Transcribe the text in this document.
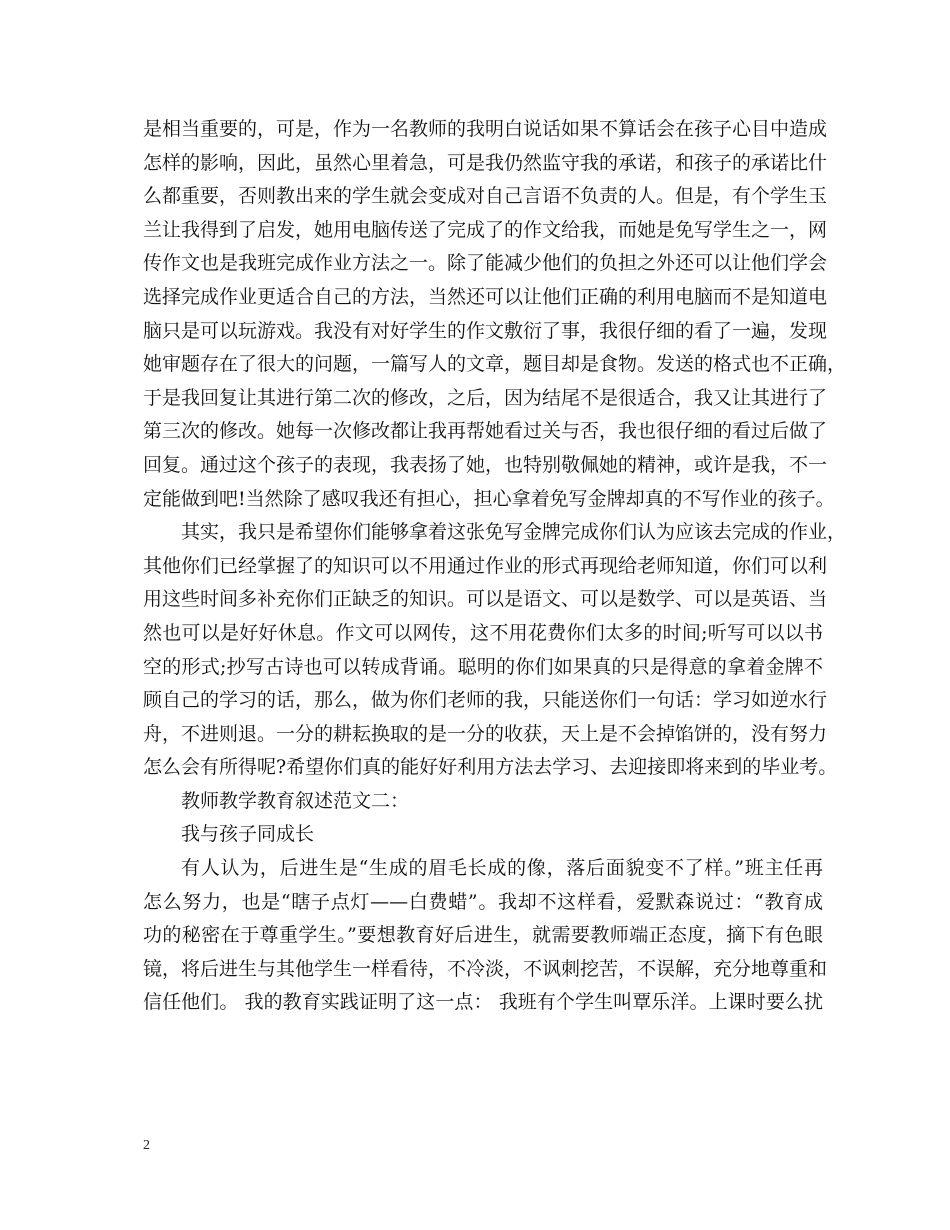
是相当重要的，可是，作为一名教师的我明白说话如果不算话会在孩子心目中造成
怎样的影响，因此，虽然心里着急，可是我仍然监守我的承诺，和孩子的承诺比什
么都重要，否则教出来的学生就会变成对自己言语不负责的人。但是，有个学生玉
兰让我得到了启发，她用电脑传送了完成了的作文给我，而她是免写学生之一，网
传作文也是我班完成作业方法之一。除了能减少他们的负担之外还可以让他们学会
选择完成作业更适合自己的方法，当然还可以让他们正确的利用电脑而不是知道电
脑只是可以玩游戏。我没有对好学生的作文敷衍了事，我很仔细的看了一遍，发现
她审题存在了很大的问题，一篇写人的文章，题目却是食物。发送的格式也不正确，
于是我回复让其进行第二次的修改，之后，因为结尾不是很适合，我又让其进行了
第三次的修改。她每一次修改都让我再帮她看过关与否，我也很仔细的看过后做了
回复。通过这个孩子的表现，我表扬了她，也特别敬佩她的精神，或许是我，不一
定能做到吧!当然除了感叹我还有担心，担心拿着免写金牌却真的不写作业的孩子。
其实，我只是希望你们能够拿着这张免写金牌完成你们认为应该去完成的作业，
其他你们已经掌握了的知识可以不用通过作业的形式再现给老师知道，你们可以利
用这些时间多补充你们正缺乏的知识。可以是语文、可以是数学、可以是英语、当
然也可以是好好休息。作文可以网传，这不用花费你们太多的时间;听写可以以书
空的形式;抄写古诗也可以转成背诵。聪明的你们如果真的只是得意的拿着金牌不
顾自己的学习的话，那么，做为你们老师的我，只能送你们一句话：学习如逆水行
舟，不进则退。一分的耕耘换取的是一分的收获，天上是不会掉馅饼的，没有努力
怎么会有所得呢?希望你们真的能好好利用方法去学习、去迎接即将来到的毕业考。
教师教学教育叙述范文二：
我与孩子同成长
有人认为，后进生是“生成的眉毛长成的像，落后面貌变不了样。”班主任再
怎么努力，也是“瞎子点灯——白费蜡”。我却不这样看，爱默森说过：“教育成
功的秘密在于尊重学生。”要想教育好后进生，就需要教师端正态度，摘下有色眼
镜，将后进生与其他学生一样看待，不冷淡，不讽刺挖苦，不误解，充分地尊重和
信任他们。 我的教育实践证明了这一点： 我班有个学生叫覃乐洋。上课时要么扰
2
